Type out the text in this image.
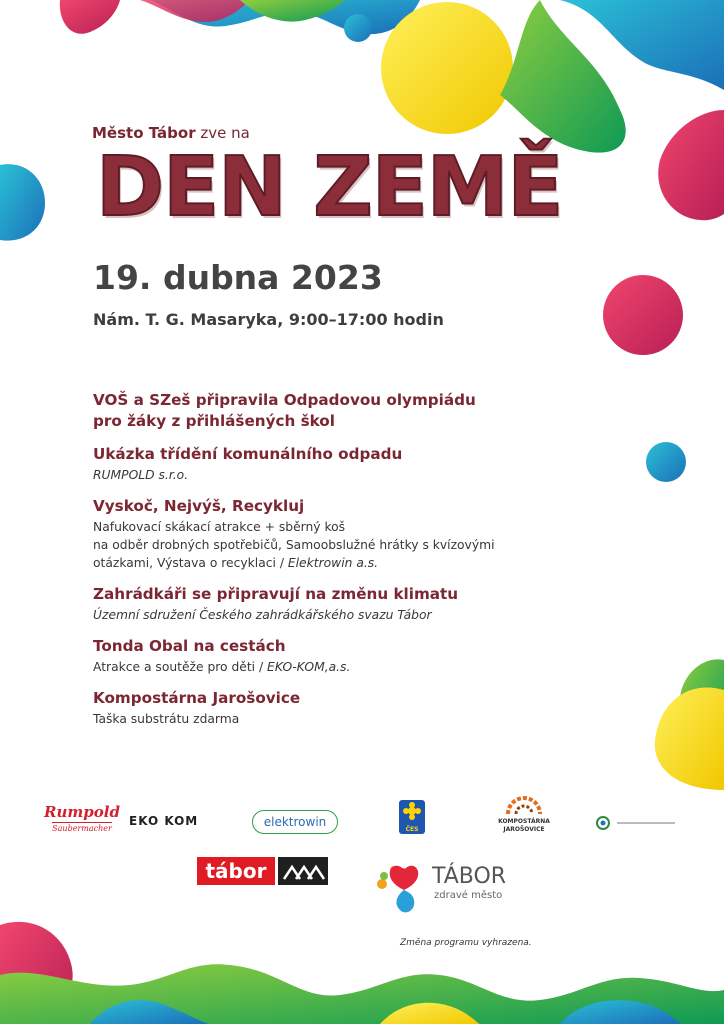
Město Tábor zve na
DEN ZEMĚ
19. dubna 2023
Nám. T. G. Masaryka, 9:00–17:00 hodin
VOŠ a SZeš připravila Odpadovou olympiádu
pro žáky z přihlášených škol
Ukázka třídění komunálního odpadu

RUMPOLD s.r.o.

Vyskoč, Nejvýš, Recykluj

Nafukovací skákací atrakce + sběrný koš
na odběr drobných spotřebičů, Samoobslužné hrátky s kvízovými
otázkami, Výstava o recyklaci / Elektrowin a.s.

Zahrádkáři se připravují na změnu klimatu

Územní sdružení Českého zahrádkářského svazu Tábor

Tonda Obal na cestách

Atrakce a soutěže pro děti / EKO-KOM,a.s.

Kompostárna Jarošovice

Taška substrátu zdarma

Rumpold
Saubermacher
EKO KOM	elektrowin
ČES
KOMPOSTÁRNA
JAROŠOVICE

tábor	TÁBOR
zdravé město
Změna programu vyhrazena.
